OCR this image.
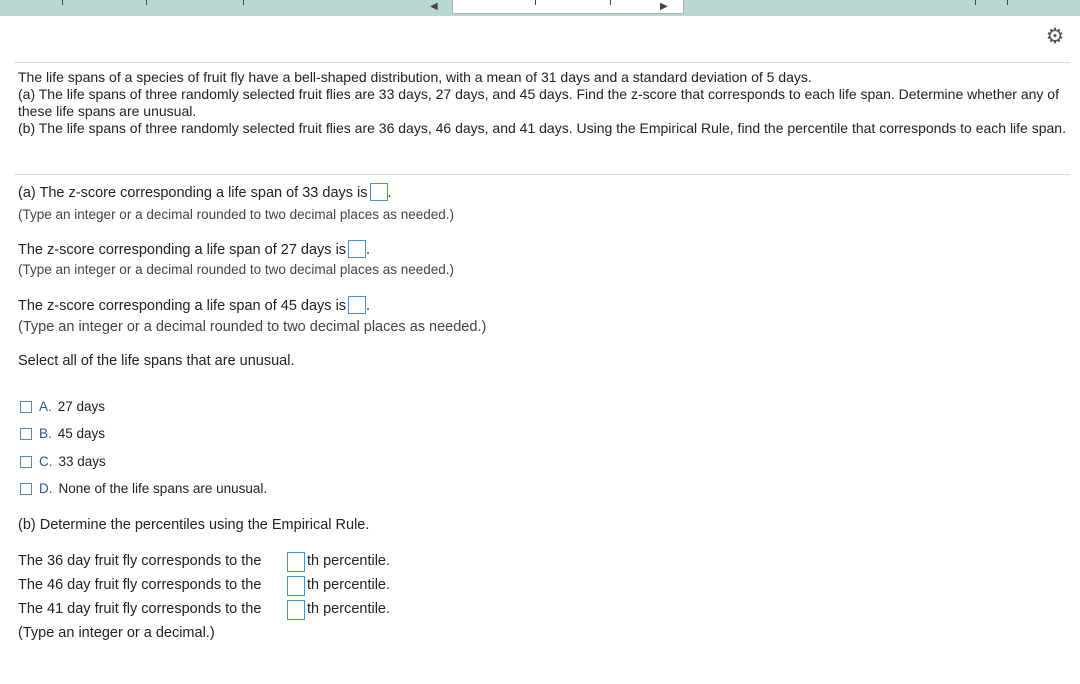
◀	▶
⚙

The life spans of a species of fruit fly have a bell-shaped distribution, with a mean of 31 days and a standard deviation of 5 days.

(a) The life spans of three randomly selected fruit flies are 33 days, 27 days, and 45 days. Find the z-score that corresponds to each life span. Determine whether any of these life spans are unusual.

(b) The life spans of three randomly selected fruit flies are 36 days, 46 days, and 41 days. Using the Empirical Rule, find the percentile that corresponds to each life span.

(a) The z-score corresponding a life span of 33 days is .
(Type an integer or a decimal rounded to two decimal places as needed.)
The z-score corresponding a life span of 27 days is .
(Type an integer or a decimal rounded to two decimal places as needed.)
The z-score corresponding a life span of 45 days is .
(Type an integer or a decimal rounded to two decimal places as needed.)
Select all of the life spans that are unusual.
A. 27 days
B. 45 days
C. 33 days
D. None of the life spans are unusual.
(b) Determine the percentiles using the Empirical Rule.
The 36 day fruit fly corresponds to the	th percentile.
The 46 day fruit fly corresponds to the	th percentile.
The 41 day fruit fly corresponds to the	th percentile.
(Type an integer or a decimal.)
